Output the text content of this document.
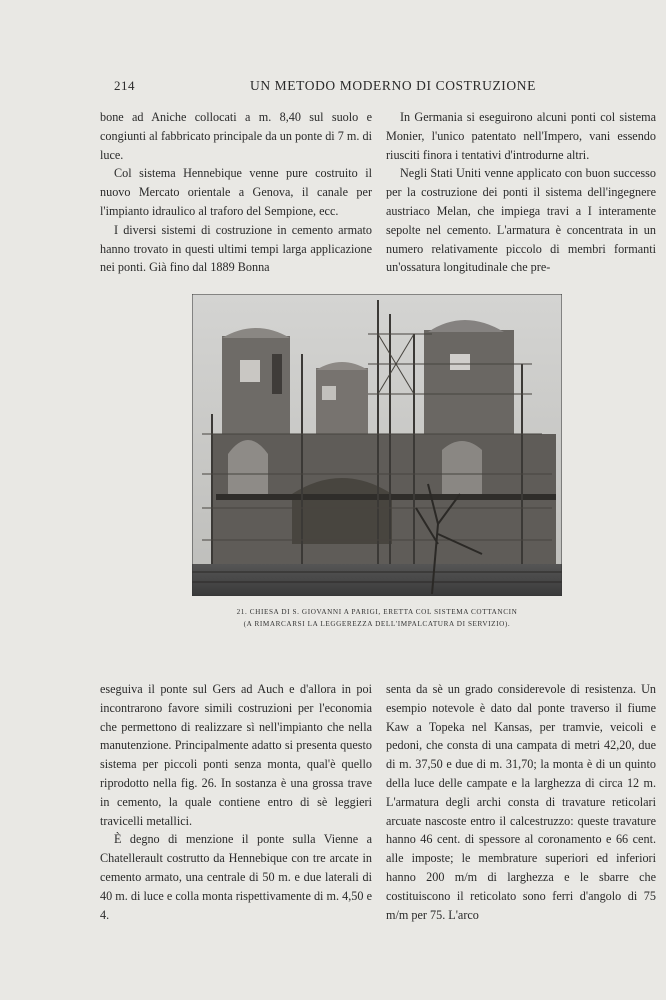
214	UN METODO MODERNO DI COSTRUZIONE

bone ad Aniche collocati a m. 8,40 sul suolo e congiunti al fabbricato principale da un ponte di 7 m. di luce.

Col sistema Hennebique venne pure costruito il nuovo Mercato orientale a Genova, il canale per l'impianto idraulico al traforo del Sempione, ecc.

I diversi sistemi di costruzione in cemento armato hanno trovato in questi ultimi tempi larga applicazione nei ponti. Già fino dal 1889 Bonna

In Germania si eseguirono alcuni ponti col sistema Monier, l'unico patentato nell'Impero, vani essendo riusciti finora i tentativi d'introdurne altri.

Negli Stati Uniti venne applicato con buon successo per la costruzione dei ponti il sistema dell'ingegnere austriaco Melan, che impiega travi a I interamente sepolte nel cemento. L'armatura è concentrata in un numero relativamente piccolo di membri formanti un'ossatura longitudinale che pre-

21. CHIESA DI S. GIOVANNI A PARIGI, ERETTA COL SISTEMA COTTANCIN
(A RIMARCARSI LA LEGGEREZZA DELL'IMPALCATURA DI SERVIZIO).

eseguiva il ponte sul Gers ad Auch e d'allora in poi incontrarono favore simili costruzioni per l'economia che permettono di realizzare sì nell'impianto che nella manutenzione. Principalmente adatto si presenta questo sistema per piccoli ponti senza monta, qual'è quello riprodotto nella fig. 26. In sostanza è una grossa trave in cemento, la quale contiene entro di sè leggieri travicelli metallici.

È degno di menzione il ponte sulla Vienne a Chatellerault costrutto da Hennebique con tre arcate in cemento armato, una centrale di 50 m. e due laterali di 40 m. di luce e colla monta rispettivamente di m. 4,50 e 4.

senta da sè un grado considerevole di resistenza. Un esempio notevole è dato dal ponte traverso il fiume Kaw a Topeka nel Kansas, per tramvie, veicoli e pedoni, che consta di una campata di metri 42,20, due di m. 37,50 e due di m. 31,70; la monta è di un quinto della luce delle campate e la larghezza di circa 12 m. L'armatura degli archi consta di travature reticolari arcuate nascoste entro il calcestruzzo: queste travature hanno 46 cent. di spessore al coronamento e 66 cent. alle imposte; le membrature superiori ed inferiori hanno 200 m/m di larghezza e le sbarre che costituiscono il reticolato sono ferri d'angolo di 75 m/m per 75. L'arco
